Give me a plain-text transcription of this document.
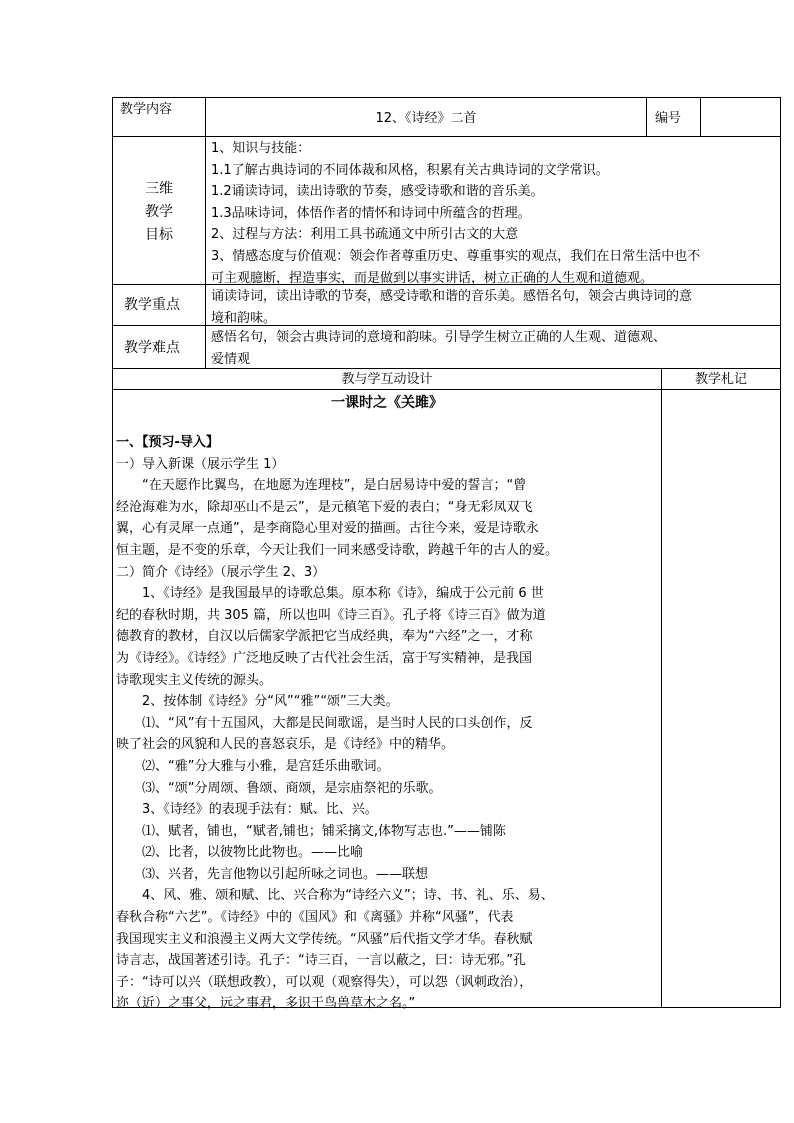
教学内容
12、《诗经》二首	编号
三维
教学
目标
1、知识与技能：
1.1了解古典诗词的不同体裁和风格，积累有关古典诗词的文学常识。
1.2诵读诗词，读出诗歌的节奏，感受诗歌和谐的音乐美。
1.3品味诗词，体悟作者的情怀和诗词中所蕴含的哲理。
2、过程与方法：利用工具书疏通文中所引古文的大意
3、情感态度与价值观：领会作者尊重历史、尊重事实的观点，我们在日常生活中也不
可主观臆断，捏造事实，而是做到以事实讲话，树立正确的人生观和道德观。
教学重点
诵读诗词，读出诗歌的节奏，感受诗歌和谐的音乐美。感悟名句，领会古典诗词的意
境和韵味。
教学难点
感悟名句，领会古典诗词的意境和韵味。引导学生树立正确的人生观、道德观、
爱情观
教与学互动设计	教学札记
一课时之《关雎》
一、【预习-导入】
一）导入新课（展示学生 1）
　　“在天愿作比翼鸟，在地愿为连理枝”，是白居易诗中爱的誓言；“曾
经沧海难为水，除却巫山不是云”，是元稹笔下爱的表白；“身无彩凤双飞
翼，心有灵犀一点通”，是李商隐心里对爱的描画。古往今来，爱是诗歌永
恒主题，是不变的乐章，今天让我们一同来感受诗歌，跨越千年的古人的爱。
二）简介《诗经》（展示学生 2、3）
　　1、《诗经》是我国最早的诗歌总集。原本称《诗》，编成于公元前 6 世
纪的春秋时期，共 305 篇，所以也叫《诗三百》。孔子将《诗三百》做为道
德教育的教材，自汉以后儒家学派把它当成经典，奉为“六经”之一，才称
为《诗经》。《诗经》广泛地反映了古代社会生活，富于写实精神，是我国
诗歌现实主义传统的源头。
　　2、按体制《诗经》分“风”“雅”“颂”三大类。
　　⑴、“风”有十五国风，大都是民间歌谣，是当时人民的口头创作，反
映了社会的风貌和人民的喜怒哀乐，是《诗经》中的精华。
　　⑵、“雅”分大雅与小雅，是宫廷乐曲歌词。
　　⑶、“颂”分周颂、鲁颂、商颂，是宗庙祭祀的乐歌。
　　3、《诗经》的表现手法有：赋、比、兴。
　　⑴、赋者，铺也，“赋者,铺也；铺采摛文,体物写志也.”——铺陈
　　⑵、比者，以彼物比此物也。——比喻
　　⑶、兴者，先言他物以引起所咏之词也。——联想
　　4、风、雅、颂和赋、比、兴合称为“诗经六义”；诗、书、礼、乐、易、
春秋合称“六艺”。《诗经》中的《国风》和《离骚》并称“风骚”，代表
我国现实主义和浪漫主义两大文学传统。“风骚”后代指文学才华。春秋赋
诗言志，战国著述引诗。孔子：“诗三百，一言以蔽之，曰：诗无邪。”孔
子：“诗可以兴（联想政教），可以观（观察得失），可以怨（讽刺政治），
迩（近）之事父，远之事君，多识于鸟兽草木之名。”
